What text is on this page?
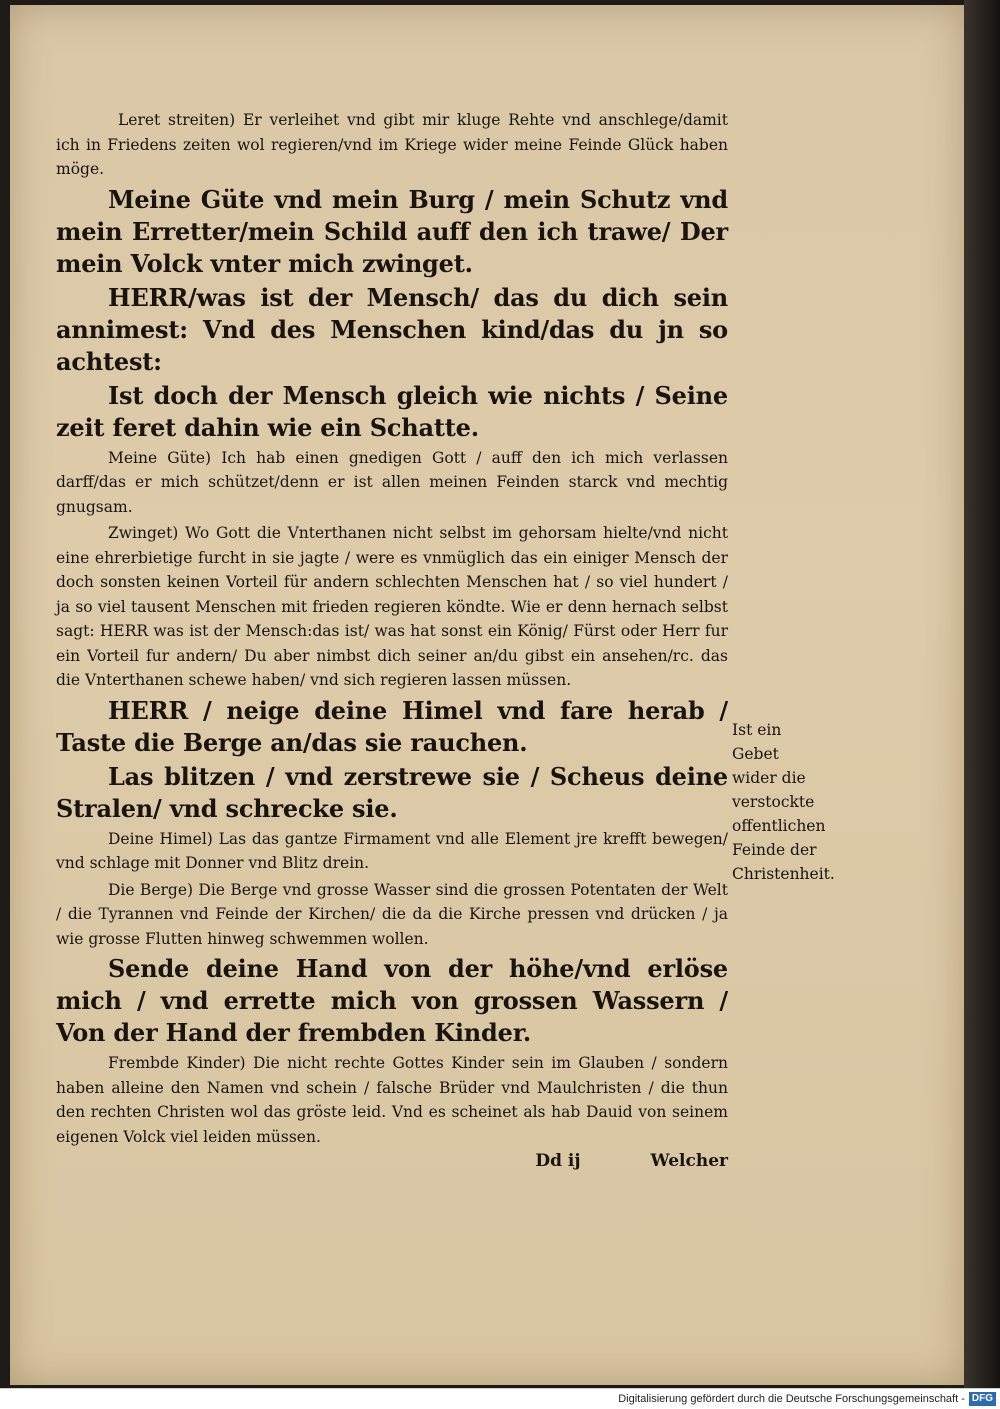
Leret streiten) Er verleihet vnd gibt mir kluge Rehte vnd anschlege/damit ich in Friedens zeiten wol regieren/vnd im Kriege wider meine Feinde Glück haben möge.

Meine Güte vnd mein Burg / mein Schutz vnd mein Erretter/mein Schild auff den ich trawe/ Der mein Volck vnter mich zwinget.

HERR/was ist der Mensch/ das du dich sein annimest: Vnd des Menschen kind/das du jn so achtest:

Ist doch der Mensch gleich wie nichts / Seine zeit feret dahin wie ein Schatte.

Meine Güte) Ich hab einen gnedigen Gott / auff den ich mich verlassen darff/das er mich schützet/denn er ist allen meinen Feinden starck vnd mechtig gnugsam.

Zwinget) Wo Gott die Vnterthanen nicht selbst im gehorsam hielte/vnd nicht eine ehrerbietige furcht in sie jagte / were es vnmüglich das ein einiger Mensch der doch sonsten keinen Vorteil für andern schlechten Menschen hat / so viel hundert / ja so viel tausent Menschen mit frieden regieren köndte. Wie er denn hernach selbst sagt: HERR was ist der Mensch:das ist/ was hat sonst ein König/ Fürst oder Herr fur ein Vorteil fur andern/ Du aber nimbst dich seiner an/du gibst ein ansehen/rc. das die Vnterthanen schewe haben/ vnd sich regieren lassen müssen.

HERR / neige deine Himel vnd fare herab / Taste die Berge an/das sie rauchen.

Las blitzen / vnd zerstrewe sie / Scheus deine Stralen/ vnd schrecke sie.

Deine Himel) Las das gantze Firmament vnd alle Element jre krefft bewegen/ vnd schlage mit Donner vnd Blitz drein.

Die Berge) Die Berge vnd grosse Wasser sind die grossen Potentaten der Welt / die Tyrannen vnd Feinde der Kirchen/ die da die Kirche pressen vnd drücken / ja wie grosse Flutten hinweg schwemmen wollen.

Sende deine Hand von der höhe/vnd erlöse mich / vnd errette mich von grossen Wassern / Von der Hand der frembden Kinder.

Frembde Kinder) Die nicht rechte Gottes Kinder sein im Glauben / sondern haben alleine den Namen vnd schein / falsche Brüder vnd Maulchristen / die thun den rechten Christen wol das gröste leid. Vnd es scheinet als hab Dauid von seinem eigenen Volck viel leiden müssen.

Dd ij	Welcher
Ist ein Gebet wider die verstockte offentlichen Feinde der Christenheit.
Digitalisierung gefördert durch die Deutsche Forschungsgemeinschaft - DFG
